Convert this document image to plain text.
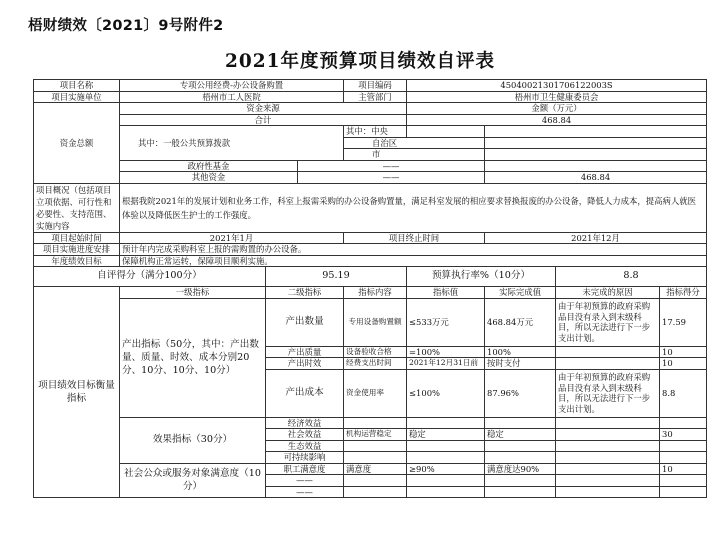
梧财绩效〔2021〕9号附件2
2021年度预算项目绩效自评表
项目名称	专项公用经费-办公设备购置			项目编码	45040021301706122003S			
项目实施单位	梧州市工人医院			主管部门	梧州市卫生健康委员会			
资金总额	资金来源				金额（万元）			
	合计				468.84			
	其中：一般公共预算拨款			其中：中央				
				自治区				
				市				
	政府性基金		——					
	其他资金		——			468.84		
项目概况（包括项目立项依据、可行性和必要性、支持范围、实施内容	根据我院2021年的发展计划和业务工作，科室上报需采购的办公设备购置量，满足科室发展的相应要求替换报废的办公设备，降低人力成本，提高病人就医体验以及降低医生护士的工作强度。							
项目起始时间	2021年1月			项目终止时间		2021年12月		
项目实施进度安排	预计年内完成采购科室上报的需购置的办公设备。							
年度绩效目标	保障机构正常运转，保障项目顺利实施。							
自评得分（满分100分）		95.19			预算执行率%（10分）		8.8	
项目绩效目标衡量指标	一级指标	二级指标		指标内容	指标值	实际完成值	未完成的原因	指标得分
	产出指标（50分，其中：产出数量、质量、时效、成本分别20分、10分、10分、10分）	产出数量		专用设备购置额	≤533万元	468.84万元	由于年初预算的政府采购品目没有录入到末级科目，所以无法进行下一步支出计划。	17.59
		产出质量		设备验收合格	=100%	100%		10
		产出时效		经费支出时间	2021年12月31日前	按时支付		10
		产出成本		资金使用率	≤100%	87.96%	由于年初预算的政府采购品目没有录入到末级科目，所以无法进行下一步支出计划。	8.8
	效果指标（30分）	经济效益						
		社会效益		机构运营稳定	稳定	稳定		30
		生态效益						
		可持续影响						
	社会公众或服务对象满意度（10分）	职工满意度		满意度	≥90%	满意度达90%		10
		——						
		——						
